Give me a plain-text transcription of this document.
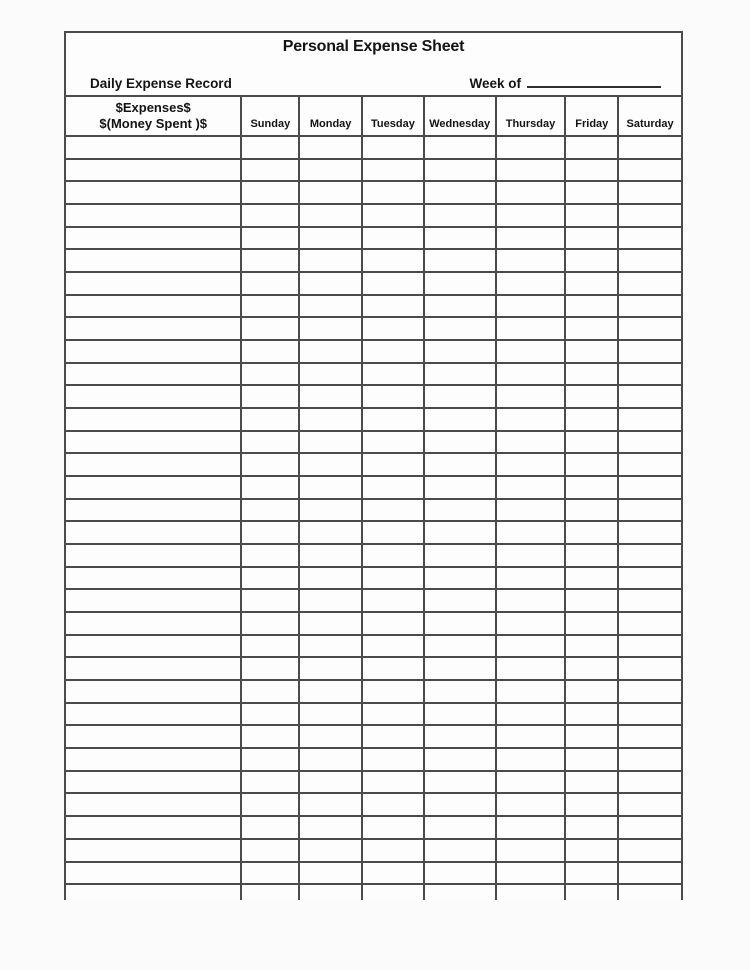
Personal Expense Sheet
Daily Expense Record	Week of
$Expenses$
$(Money Spent )$	Sunday	Monday	Tuesday	Wednesday	Thursday	Friday	Saturday
